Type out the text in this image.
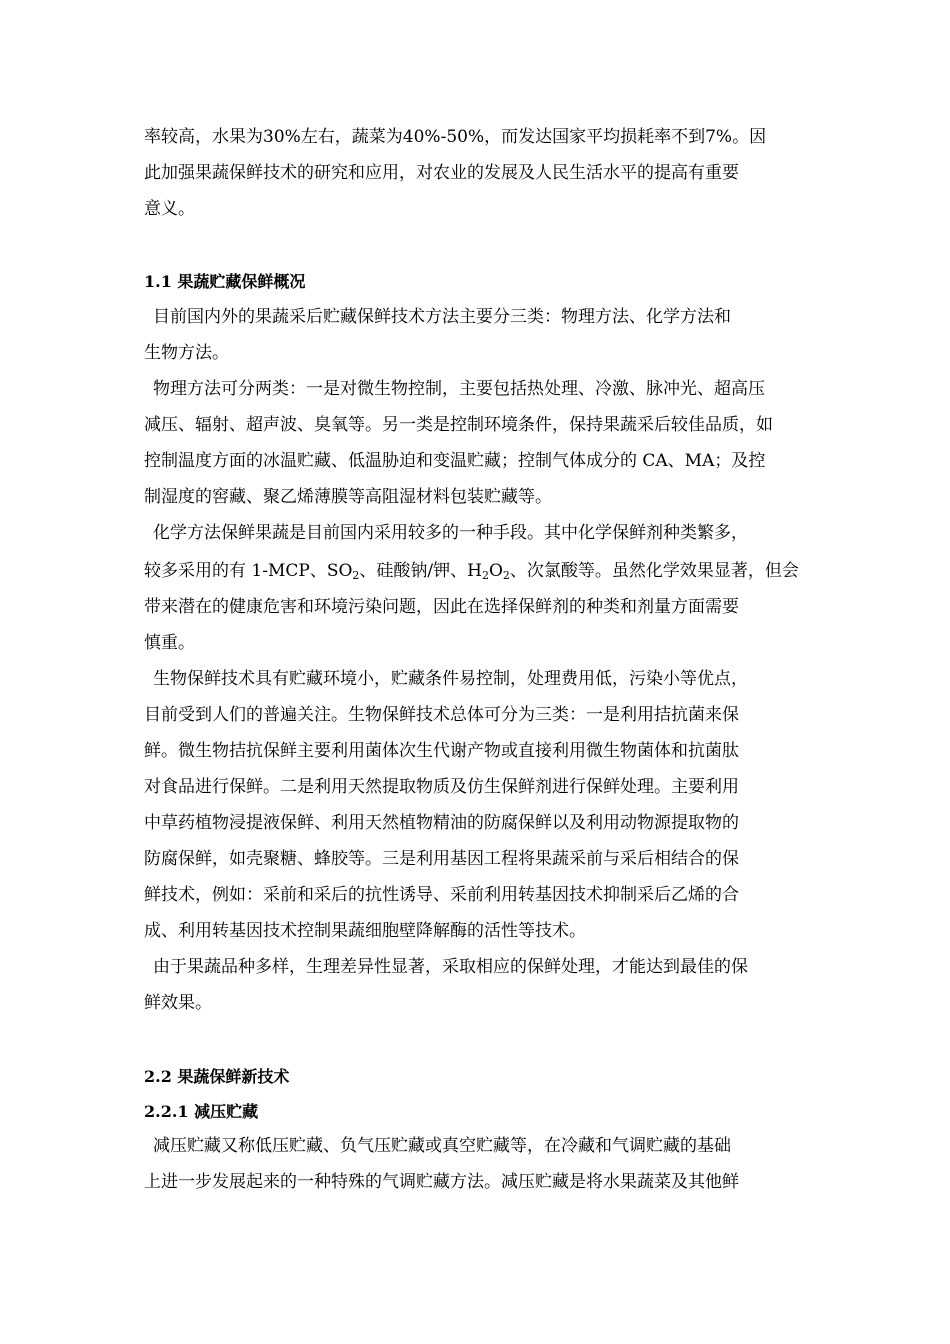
率较高，水果为30%左右，蔬菜为40%-50%，而发达国家平均损耗率不到7%。因
此加强果蔬保鲜技术的研究和应用，对农业的发展及人民生活水平的提高有重要
意义。
1.1 果蔬贮藏保鲜概况
目前国内外的果蔬采后贮藏保鲜技术方法主要分三类：物理方法、化学方法和
生物方法。
物理方法可分两类：一是对微生物控制，主要包括热处理、冷激、脉冲光、超高压
减压、辐射、超声波、臭氧等。另一类是控制环境条件，保持果蔬采后较佳品质，如
控制温度方面的冰温贮藏、低温胁迫和变温贮藏；控制气体成分的 CA、MA；及控
制湿度的窖藏、聚乙烯薄膜等高阻湿材料包装贮藏等。
化学方法保鲜果蔬是目前国内采用较多的一种手段。其中化学保鲜剂种类繁多，
较多采用的有 1-MCP、$SO_2$、硅酸钠/钾、$H_2O_2$、次氯酸等。虽然化学效果显著，但会
带来潜在的健康危害和环境污染问题，因此在选择保鲜剂的种类和剂量方面需要
慎重。
生物保鲜技术具有贮藏环境小，贮藏条件易控制，处理费用低，污染小等优点，
目前受到人们的普遍关注。生物保鲜技术总体可分为三类：一是利用拮抗菌来保
鲜。微生物拮抗保鲜主要利用菌体次生代谢产物或直接利用微生物菌体和抗菌肽
对食品进行保鲜。二是利用天然提取物质及仿生保鲜剂进行保鲜处理。主要利用
中草药植物浸提液保鲜、利用天然植物精油的防腐保鲜以及利用动物源提取物的
防腐保鲜，如壳聚糖、蜂胶等。三是利用基因工程将果蔬采前与采后相结合的保
鲜技术，例如：采前和采后的抗性诱导、采前利用转基因技术抑制采后乙烯的合
成、利用转基因技术控制果蔬细胞壁降解酶的活性等技术。
由于果蔬品种多样，生理差异性显著，采取相应的保鲜处理，才能达到最佳的保
鲜效果。
2.2 果蔬保鲜新技术
2.2.1 减压贮藏
减压贮藏又称低压贮藏、负气压贮藏或真空贮藏等，在冷藏和气调贮藏的基础
上进一步发展起来的一种特殊的气调贮藏方法。减压贮藏是将水果蔬菜及其他鲜
